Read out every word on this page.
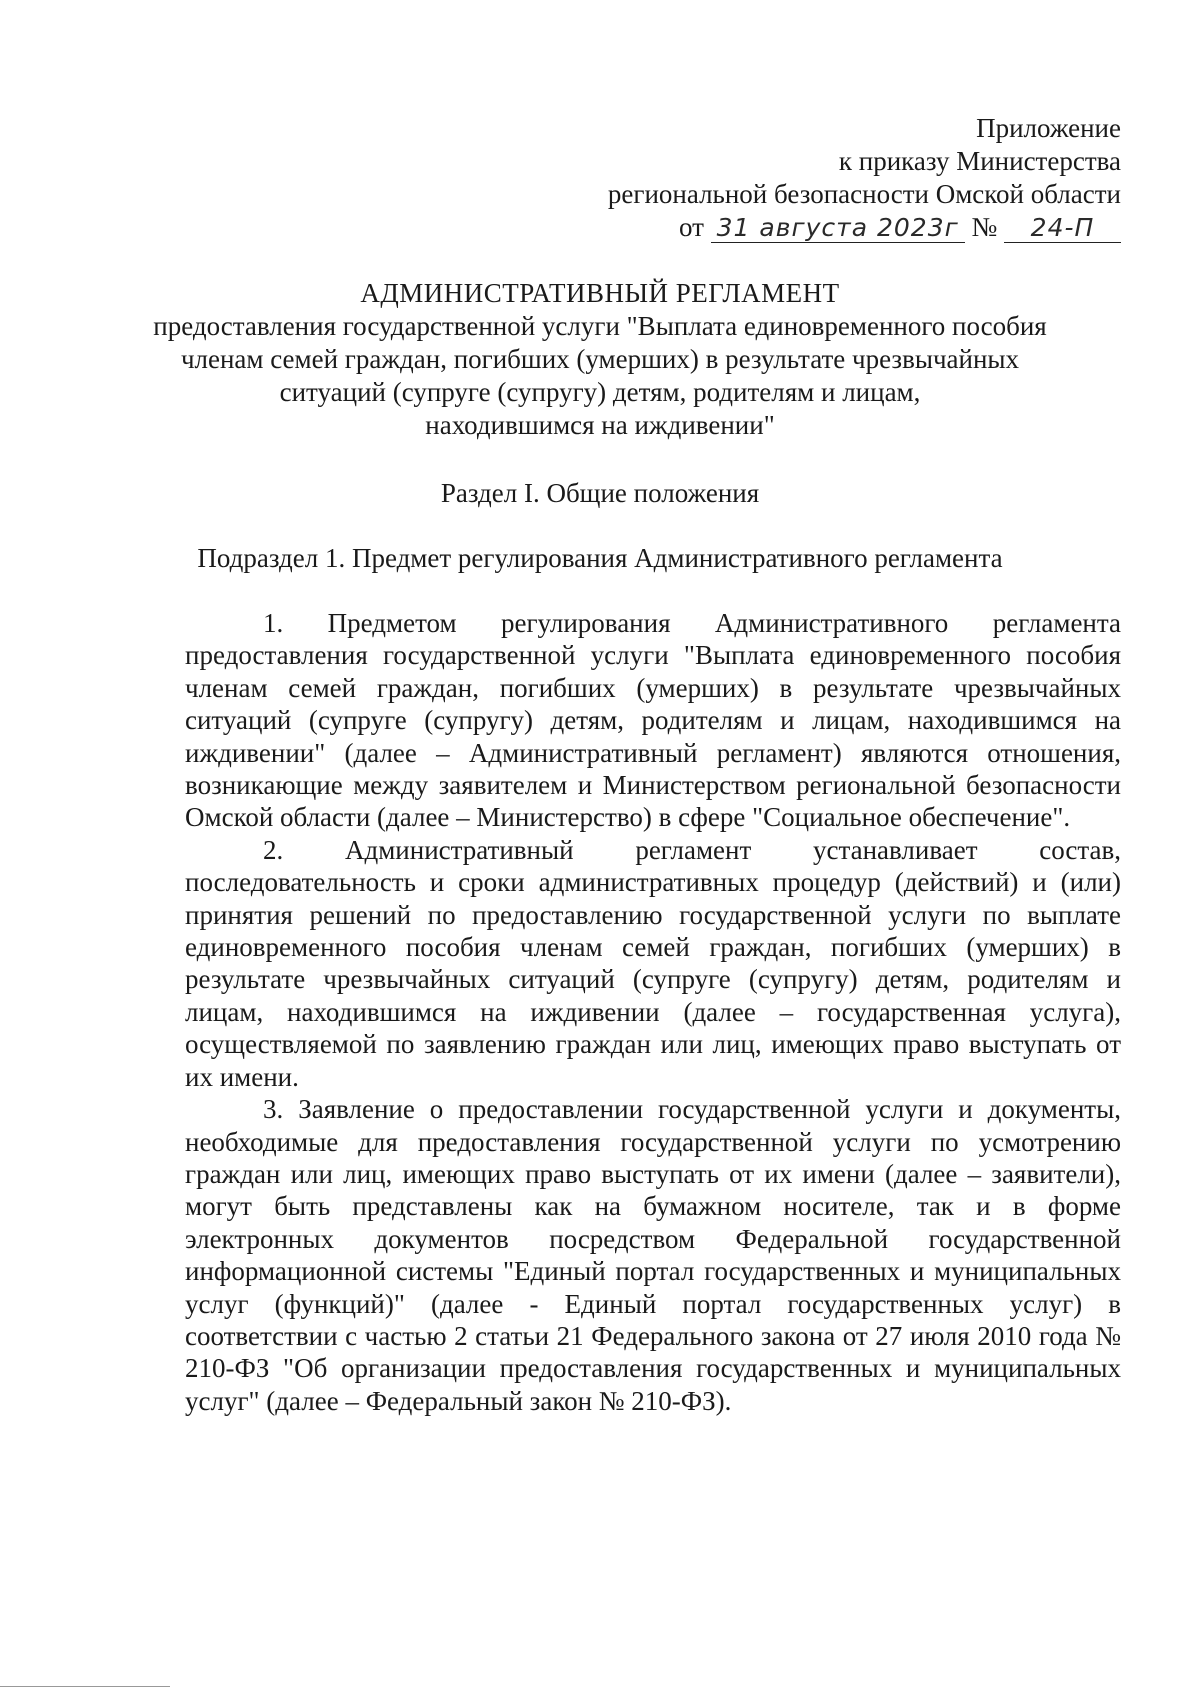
Приложение
к приказу Министерства
региональной безопасности Омской области
от 31 августа 2023г № 24-П
АДМИНИСТРАТИВНЫЙ РЕГЛАМЕНТ
предоставления государственной услуги "Выплата единовременного пособия
членам семей граждан, погибших (умерших) в результате чрезвычайных
ситуаций (супруге (супругу) детям, родителям и лицам,
находившимся на иждивении"
Раздел I. Общие положения
Подраздел 1. Предмет регулирования Административного регламента

1. Предметом регулирования Административного регламента предоставления государственной услуги "Выплата единовременного пособия членам семей граждан, погибших (умерших) в результате чрезвычайных ситуаций (супруге (супругу) детям, родителям и лицам, находившимся на иждивении" (далее – Административный регламент) являются отношения, возникающие между заявителем и Министерством региональной безопасности Омской области (далее – Министерство) в сфере "Социальное обеспечение".

2. Административный регламент устанавливает состав, последовательность и сроки административных процедур (действий) и (или) принятия решений по предоставлению государственной услуги по выплате единовременного пособия членам семей граждан, погибших (умерших) в результате чрезвычайных ситуаций (супруге (супругу) детям, родителям и лицам, находившимся на иждивении (далее – государственная услуга), осуществляемой по заявлению граждан или лиц, имеющих право выступать от их имени.

3. Заявление о предоставлении государственной услуги и документы, необходимые для предоставления государственной услуги по усмотрению граждан или лиц, имеющих право выступать от их имени (далее – заявители), могут быть представлены как на бумажном носителе, так и в форме электронных документов посредством Федеральной государственной информационной системы "Единый портал государственных и муниципальных услуг (функций)" (далее - Единый портал государственных услуг) в соответствии с частью 2 статьи 21 Федерального закона от 27 июля 2010 года № 210-ФЗ "Об организации предоставления государственных и муниципальных услуг" (далее – Федеральный закон № 210-ФЗ).
